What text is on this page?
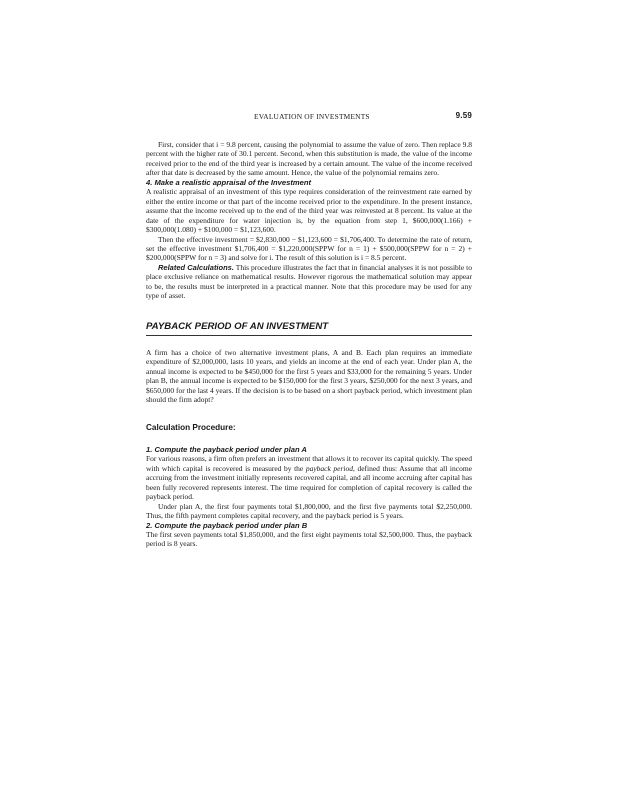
EVALUATION OF INVESTMENTS	9.59

First, consider that i = 9.8 percent, causing the polynomial to assume the value of zero. Then replace 9.8 percent with the higher rate of 30.1 percent. Second, when this substitution is made, the value of the income received prior to the end of the third year is increased by a certain amount. The value of the income received after that date is decreased by the same amount. Hence, the value of the polynomial remains zero.

4. Make a realistic appraisal of the Investment

A realistic appraisal of an investment of this type requires consideration of the reinvestment rate earned by either the entire income or that part of the income received prior to the expenditure. In the present instance, assume that the income received up to the end of the third year was reinvested at 8 percent. Its value at the date of the expenditure for water injection is, by the equation from step 1, $600,000(1.166) + $300,000(1.080) + $100,000 = $1,123,600.

Then the effective investment = $2,830,000 − $1,123,600 = $1,706,400. To determine the rate of return, set the effective investment $1,706,400 = $1,220,000(SPPW for n = 1) + $500,000(SPPW for n = 2) + $200,000(SPPW for n = 3) and solve for i. The result of this solution is i = 8.5 percent.

Related Calculations. This procedure illustrates the fact that in financial analyses it is not possible to place exclusive reliance on mathematical results. However rigorous the mathematical solution may appear to be, the results must be interpreted in a practical manner. Note that this procedure may be used for any type of asset.

PAYBACK PERIOD OF AN INVESTMENT

A firm has a choice of two alternative investment plans, A and B. Each plan requires an immediate expenditure of $2,000,000, lasts 10 years, and yields an income at the end of each year. Under plan A, the annual income is expected to be $450,000 for the first 5 years and $33,000 for the remaining 5 years. Under plan B, the annual income is expected to be $150,000 for the first 3 years, $250,000 for the next 3 years, and $650,000 for the last 4 years. If the decision is to be based on a short payback period, which investment plan should the firm adopt?

Calculation Procedure:

1. Compute the payback period under plan A

For various reasons, a firm often prefers an investment that allows it to recover its capital quickly. The speed with which capital is recovered is measured by the payback period, defined thus: Assume that all income accruing from the investment initially represents recovered capital, and all income accruing after capital has been fully recovered represents interest. The time required for completion of capital recovery is called the payback period.

Under plan A, the first four payments total $1,800,000, and the first five payments total $2,250,000. Thus, the fifth payment completes capital recovery, and the payback period is 5 years.

2. Compute the payback period under plan B

The first seven payments total $1,850,000, and the first eight payments total $2,500,000. Thus, the payback period is 8 years.
